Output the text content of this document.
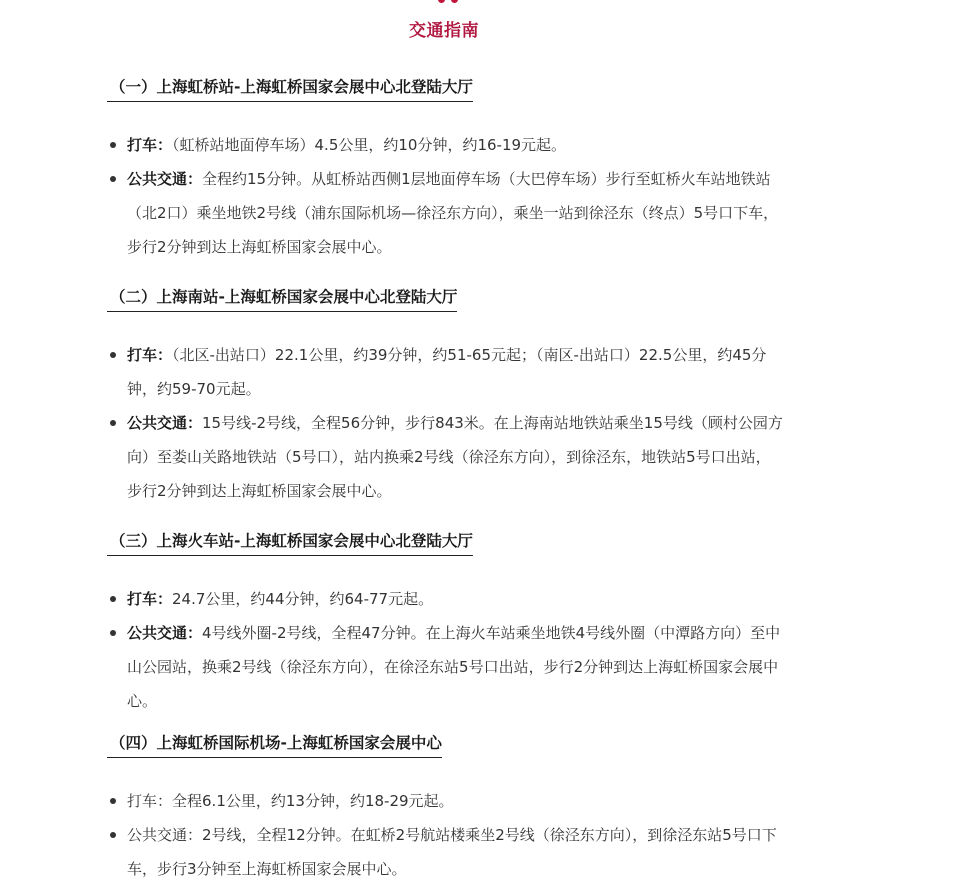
交通指南
（一）上海虹桥站-上海虹桥国家会展中心北登陆大厅
打车：（虹桥站地面停车场）4.5公里，约10分钟，约16-19元起。
公共交通：全程约15分钟。从虹桥站西侧1层地面停车场（大巴停车场）步行至虹桥火车站地铁站（北2口）乘坐地铁2号线（浦东国际机场—徐泾东方向），乘坐一站到徐泾东（终点）5号口下车，步行2分钟到达上海虹桥国家会展中心。
（二）上海南站-上海虹桥国家会展中心北登陆大厅
打车：（北区-出站口）22.1公里，约39分钟，约51-65元起；（南区-出站口）22.5公里，约45分钟，约59-70元起。
公共交通：15号线-2号线，全程56分钟，步行843米。在上海南站地铁站乘坐15号线（顾村公园方向）至娄山关路地铁站（5号口），站内换乘2号线（徐泾东方向），到徐泾东，地铁站5号口出站，步行2分钟到达上海虹桥国家会展中心。
（三）上海火车站-上海虹桥国家会展中心北登陆大厅
打车：24.7公里，约44分钟，约64-77元起。
公共交通：4号线外圈-2号线，全程47分钟。在上海火车站乘坐地铁4号线外圈（中潭路方向）至中山公园站，换乘2号线（徐泾东方向），在徐泾东站5号口出站，步行2分钟到达上海虹桥国家会展中心。
（四）上海虹桥国际机场-上海虹桥国家会展中心
打车：全程6.1公里，约13分钟，约18-29元起。
公共交通：2号线，全程12分钟。在虹桥2号航站楼乘坐2号线（徐泾东方向），到徐泾东站5号口下车，步行3分钟至上海虹桥国家会展中心。
